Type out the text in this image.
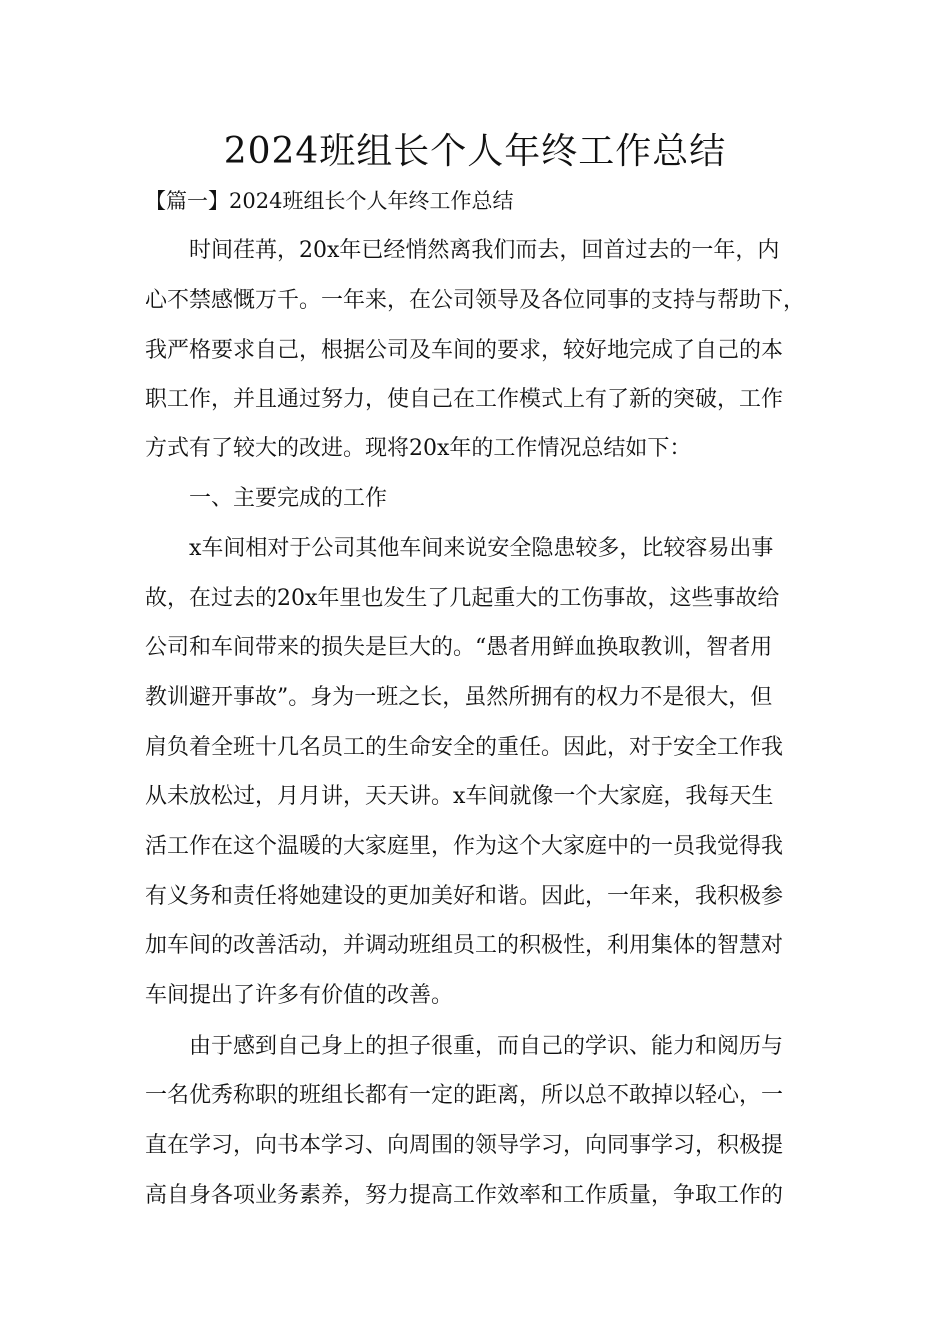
2024班组长个人年终工作总结

【篇一】2024班组长个人年终工作总结

　　时间荏苒，20x年已经悄然离我们而去，回首过去的一年，内

心不禁感慨万千。一年来，在公司领导及各位同事的支持与帮助下，

我严格要求自己，根据公司及车间的要求，较好地完成了自己的本

职工作，并且通过努力，使自己在工作模式上有了新的突破，工作

方式有了较大的改进。现将20x年的工作情况总结如下：

　　一、主要完成的工作

　　x车间相对于公司其他车间来说安全隐患较多，比较容易出事

故，在过去的20x年里也发生了几起重大的工伤事故，这些事故给

公司和车间带来的损失是巨大的。“愚者用鲜血换取教训，智者用

教训避开事故”。身为一班之长，虽然所拥有的权力不是很大，但

肩负着全班十几名员工的生命安全的重任。因此，对于安全工作我

从未放松过，月月讲，天天讲。x车间就像一个大家庭，我每天生

活工作在这个温暖的大家庭里，作为这个大家庭中的一员我觉得我

有义务和责任将她建设的更加美好和谐。因此，一年来，我积极参

加车间的改善活动，并调动班组员工的积极性，利用集体的智慧对

车间提出了许多有价值的改善。

　　由于感到自己身上的担子很重，而自己的学识、能力和阅历与

一名优秀称职的班组长都有一定的距离，所以总不敢掉以轻心，一

直在学习，向书本学习、向周围的领导学习，向同事学习，积极提

高自身各项业务素养，努力提高工作效率和工作质量，争取工作的
